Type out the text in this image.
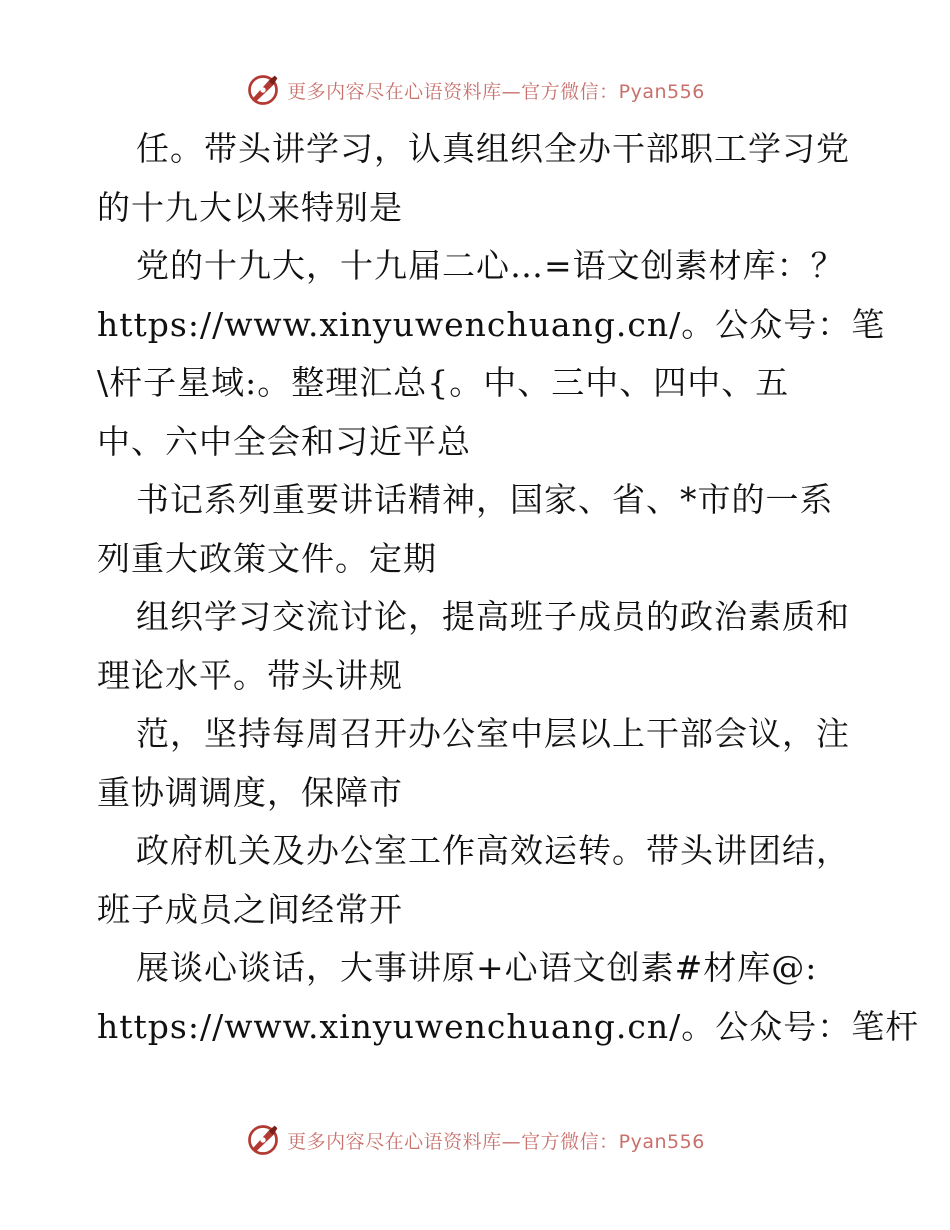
更多内容尽在心语资料库—官方微信：Pyan556
任。带头讲学习，认真组织全办干部职工学习党
的十九大以来特别是
党的十九大，十九届二心…=语文创素材库：？
https://www.xinyuwenchuang.cn/。公众号：笔
\杆子星域:。整理汇总{。中、三中、四中、五
中、六中全会和习近平总
书记系列重要讲话精神，国家、省、*市的一系
列重大政策文件。定期
组织学习交流讨论，提高班子成员的政治素质和
理论水平。带头讲规
范，坚持每周召开办公室中层以上干部会议，注
重协调调度，保障市
政府机关及办公室工作高效运转。带头讲团结，
班子成员之间经常开
展谈心谈话，大事讲原+心语文创素#材库@:
https://www.xinyuwenchuang.cn/。公众号：笔杆
更多内容尽在心语资料库—官方微信：Pyan556
